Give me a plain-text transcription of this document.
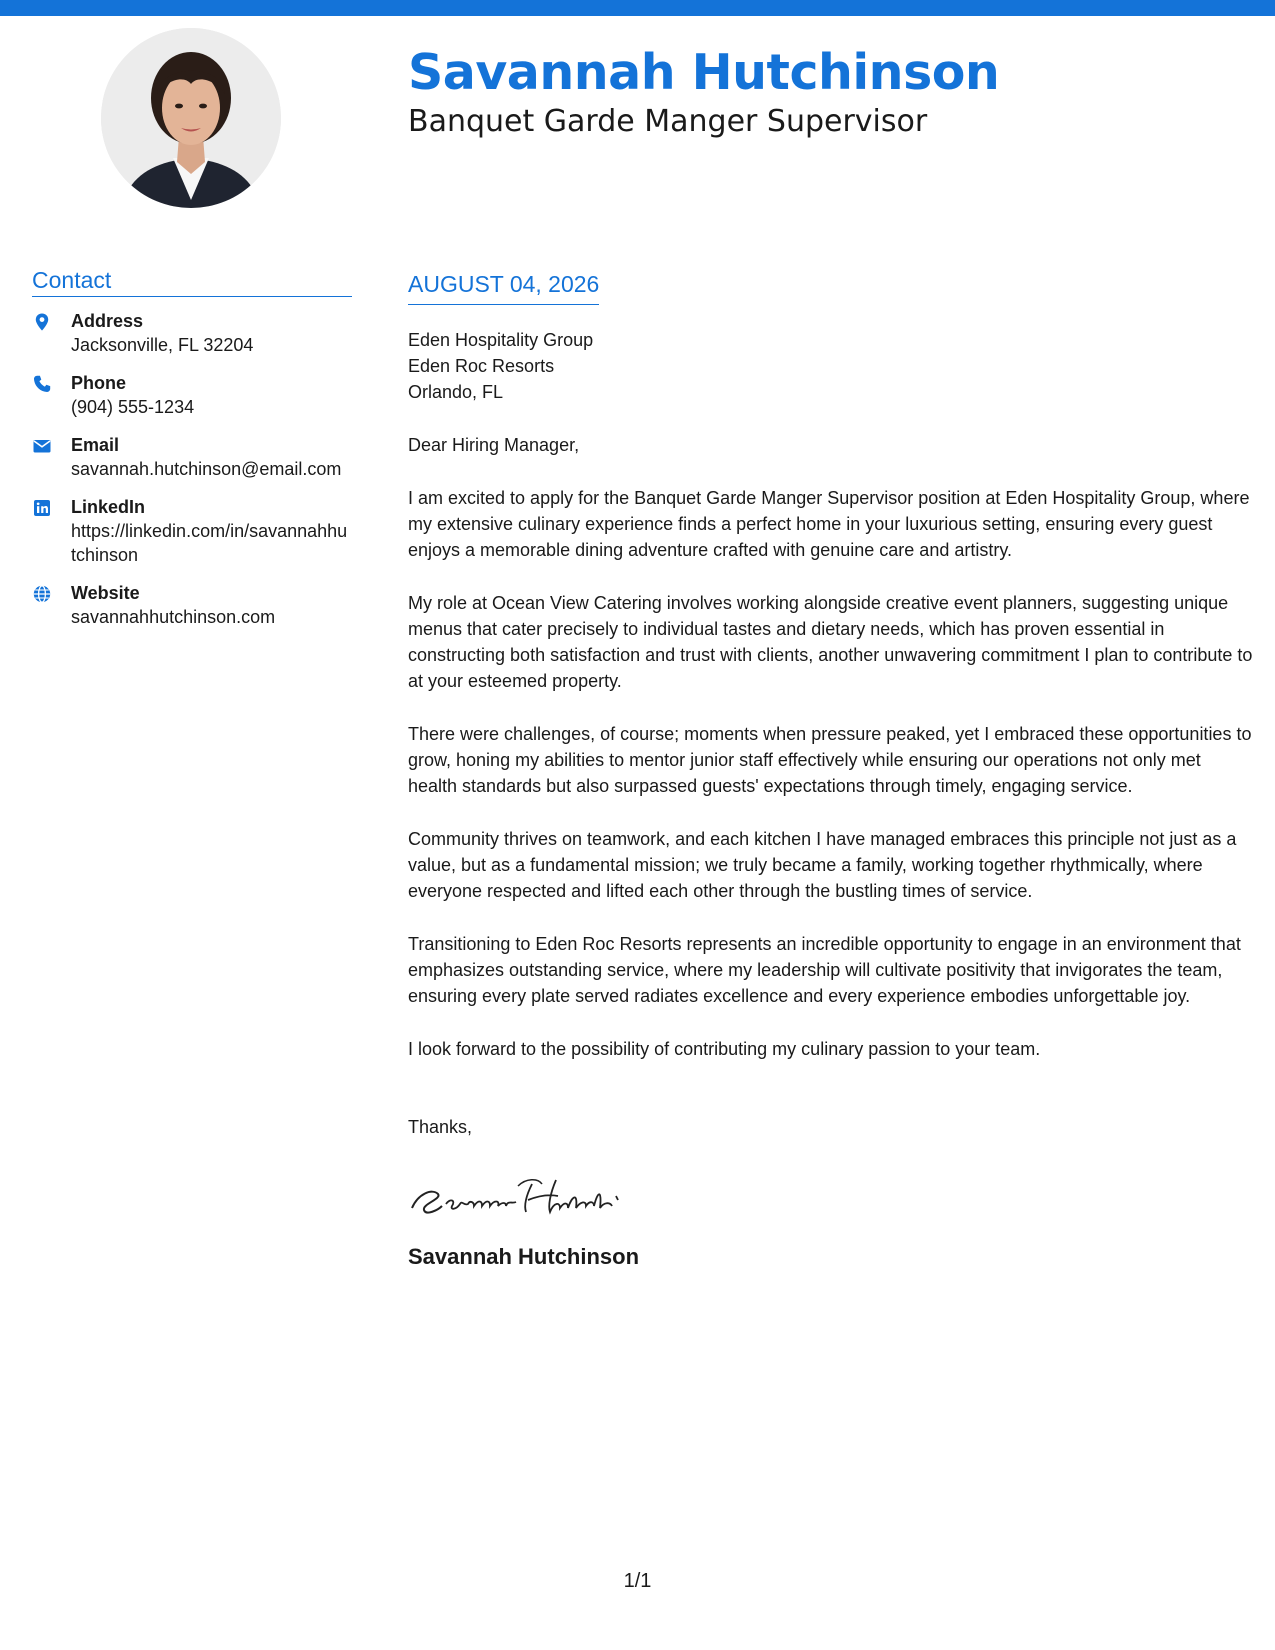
Savannah Hutchinson
Banquet Garde Manger Supervisor
Contact
Address
Jacksonville, FL 32204
Phone
(904) 555-1234
Email
savannah.hutchinson@email.com
LinkedIn
https://linkedin.com/in/savannahhutchinson
Website
savannahhutchinson.com
AUGUST 04, 2026
Eden Hospitality Group
Eden Roc Resorts
Orlando, FL
Dear Hiring Manager,

I am excited to apply for the Banquet Garde Manger Supervisor position at Eden Hospitality Group, where my extensive culinary experience finds a perfect home in your luxurious setting, ensuring every guest enjoys a memorable dining adventure crafted with genuine care and artistry.

My role at Ocean View Catering involves working alongside creative event planners, suggesting unique menus that cater precisely to individual tastes and dietary needs, which has proven essential in constructing both satisfaction and trust with clients, another unwavering commitment I plan to contribute to at your esteemed property.

There were challenges, of course; moments when pressure peaked, yet I embraced these opportunities to grow, honing my abilities to mentor junior staff effectively while ensuring our operations not only met health standards but also surpassed guests' expectations through timely, engaging service.

Community thrives on teamwork, and each kitchen I have managed embraces this principle not just as a value, but as a fundamental mission; we truly became a family, working together rhythmically, where everyone respected and lifted each other through the bustling times of service.

Transitioning to Eden Roc Resorts represents an incredible opportunity to engage in an environment that emphasizes outstanding service, where my leadership will cultivate positivity that invigorates the team, ensuring every plate served radiates excellence and every experience embodies unforgettable joy.

I look forward to the possibility of contributing my culinary passion to your team.

Thanks,
Savannah Hutchinson
1/1
